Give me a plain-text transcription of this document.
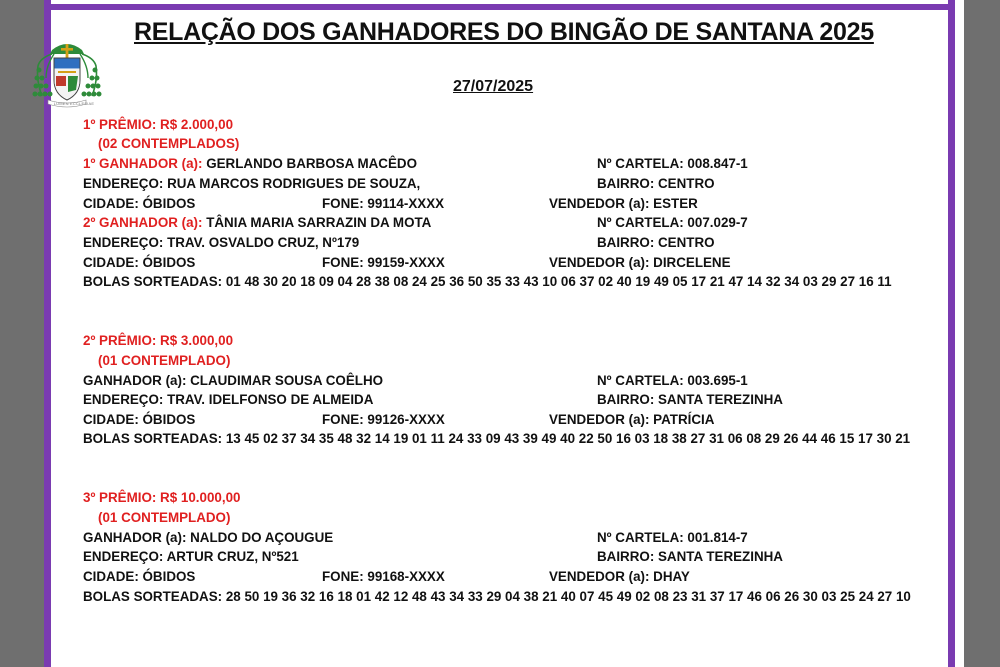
LUMEN ECCLESIAE
RELAÇÃO DOS GANHADORES DO BINGÃO DE SANTANA 2025
27/07/2025
1º PRÊMIO: R$ 2.000,00
(02 CONTEMPLADOS)
1º GANHADOR (a): GERLANDO BARBOSA MACÊDO	Nº CARTELA: 008.847-1
ENDEREÇO: RUA MARCOS RODRIGUES DE SOUZA,	BAIRRO: CENTRO
CIDADE: ÓBIDOS	FONE: 99114-XXXX	VENDEDOR (a): ESTER
2º GANHADOR (a): TÂNIA MARIA SARRAZIN DA MOTA	Nº CARTELA: 007.029-7
ENDEREÇO: TRAV. OSVALDO CRUZ, Nº179	BAIRRO: CENTRO
CIDADE: ÓBIDOS	FONE: 99159-XXXX	VENDEDOR (a): DIRCELENE
BOLAS SORTEADAS: 01 48 30 20 18 09 04 28 38 08 24 25 36 50 35 33 43 10 06 37 02 40 19 49 05 17 21 47 14 32 34 03 29 27 16 11
2º PRÊMIO: R$ 3.000,00
(01 CONTEMPLADO)
GANHADOR (a): CLAUDIMAR SOUSA COÊLHO	Nº CARTELA: 003.695-1
ENDEREÇO: TRAV. IDELFONSO DE ALMEIDA	BAIRRO: SANTA TEREZINHA
CIDADE: ÓBIDOS	FONE: 99126-XXXX	VENDEDOR (a): PATRÍCIA
BOLAS SORTEADAS: 13 45 02 37 34 35 48 32 14 19 01 11 24 33 09 43 39 49 40 22 50 16 03 18 38 27 31 06 08 29 26 44 46 15 17 30 21
3º PRÊMIO: R$ 10.000,00
(01 CONTEMPLADO)
GANHADOR (a): NALDO DO AÇOUGUE	Nº CARTELA: 001.814-7
ENDEREÇO: ARTUR CRUZ, Nº521	BAIRRO: SANTA TEREZINHA
CIDADE: ÓBIDOS	FONE: 99168-XXXX	VENDEDOR (a): DHAY
BOLAS SORTEADAS: 28 50 19 36 32 16 18 01 42 12 48 43 34 33 29 04 38 21 40 07 45 49 02 08 23 31 37 17 46 06 26 30 03 25 24 27 10
